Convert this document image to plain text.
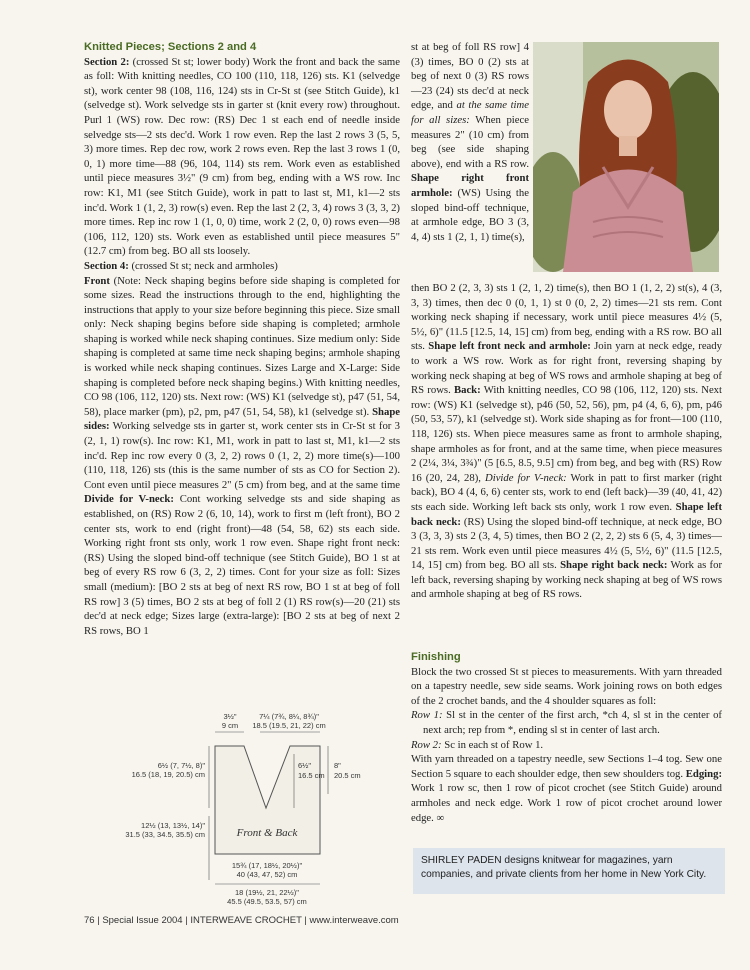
Knitted Pieces; Sections 2 and 4

Section 2: (crossed St st; lower body) Work the front and back the same as foll: With knitting needles, CO 100 (110, 118, 126) sts. K1 (selvedge st), work center 98 (108, 116, 124) sts in Cr-St st (see Stitch Guide), k1 (selvedge st). Work selvedge sts in garter st (knit every row) throughout. Purl 1 (WS) row. Dec row: (RS) Dec 1 st each end of needle inside selvedge sts—2 sts dec'd. Work 1 row even. Rep the last 2 rows 3 (5, 5, 3) more times. Rep dec row, work 2 rows even. Rep the last 3 rows 1 (0, 0, 1) more time—88 (96, 104, 114) sts rem. Work even as established until piece measures 3½" (9 cm) from beg, ending with a WS row. Inc row: K1, M1 (see Stitch Guide), work in patt to last st, M1, k1—2 sts inc'd. Work 1 (1, 2, 3) row(s) even. Rep the last 2 (2, 3, 4) rows 3 (3, 3, 2) more times. Rep inc row 1 (1, 0, 0) time, work 2 (2, 0, 0) rows even—98 (106, 112, 120) sts. Work even as established until piece measures 5" (12.7 cm) from beg. BO all sts loosely.

Section 4: (crossed St st; neck and armholes)

Front (Note: Neck shaping begins before side shaping is completed for some sizes. Read the instructions through to the end, highlighting the instructions that apply to your size before beginning this piece. Size small only: Neck shaping begins before side shaping is completed; armhole shaping is worked while neck shaping continues. Size medium only: Side shaping is completed at same time neck shaping begins; armhole shaping is worked while neck shaping continues. Sizes Large and X-Large: Side shaping is completed before neck shaping begins.) With knitting needles, CO 98 (106, 112, 120) sts. Next row: (WS) K1 (selvedge st), p47 (51, 54, 58), place marker (pm), p2, pm, p47 (51, 54, 58), k1 (selvedge st). Shape sides: Working selvedge sts in garter st, work center sts in Cr-St st for 3 (2, 1, 1) row(s). Inc row: K1, M1, work in patt to last st, M1, k1—2 sts inc'd. Rep inc row every 0 (3, 2, 2) rows 0 (1, 2, 2) more time(s)—100 (110, 118, 126) sts (this is the same number of sts as CO for Section 2). Cont even until piece measures 2" (5 cm) from beg, and at the same time Divide for V-neck: Cont working selvedge sts and side shaping as established, on (RS) Row 2 (6, 10, 14), work to first m (left front), BO 2 center sts, work to end (right front)—48 (54, 58, 62) sts each side. Working right front sts only, work 1 row even. Shape right front neck: (RS) Using the sloped bind-off technique (see Stitch Guide), BO 1 st at beg of every RS row 6 (3, 2, 2) times. Cont for your size as foll: Sizes small (medium): [BO 2 sts at beg of next RS row, BO 1 st at beg of foll RS row] 3 (5) times, BO 2 sts at beg of foll 2 (1) RS row(s)—20 (21) sts dec'd at neck edge; Sizes large (extra-large): [BO 2 sts at beg of next 2 RS rows, BO 1

st at beg of foll RS row] 4 (3) times, BO 0 (2) sts at beg of next 0 (3) RS rows—23 (24) sts dec'd at neck edge, and at the same time for all sizes: When piece measures 2" (10 cm) from beg (see side shaping above), end with a RS row. Shape right front armhole: (WS) Using the sloped bind-off technique, at armhole edge, BO 3 (3, 4, 4) sts 1 (2, 1, 1) time(s),

then BO 2 (2, 3, 3) sts 1 (2, 1, 2) time(s), then BO 1 (1, 2, 2) st(s), 4 (3, 3, 3) times, then dec 0 (0, 1, 1) st 0 (0, 2, 2) times—21 sts rem. Cont working neck shaping if necessary, work until piece measures 4½ (5, 5½, 6)" (11.5 [12.5, 14, 15] cm) from beg, ending with a RS row. BO all sts. Shape left front neck and armhole: Join yarn at neck edge, ready to work a WS row. Work as for right front, reversing shaping by working neck shaping at beg of WS rows and armhole shaping at beg of RS rows. Back: With knitting needles, CO 98 (106, 112, 120) sts. Next row: (WS) K1 (selvedge st), p46 (50, 52, 56), pm, p4 (4, 6, 6), pm, p46 (50, 53, 57), k1 (selvedge st). Work side shaping as for front—100 (110, 118, 126) sts. When piece measures same as front to armhole shaping, shape armholes as for front, and at the same time, when piece measures 2 (2¼, 3¼, 3¾)" (5 [6.5, 8.5, 9.5] cm) from beg, and beg with (RS) Row 16 (20, 24, 28), Divide for V-neck: Work in patt to first marker (right back), BO 4 (4, 6, 6) center sts, work to end (left back)—39 (40, 41, 42) sts each side. Working left back sts only, work 1 row even. Shape left back neck: (RS) Using the sloped bind-off technique, at neck edge, BO 3 (3, 3, 3) sts 2 (3, 4, 5) times, then BO 2 (2, 2, 2) sts 6 (5, 4, 3) times—21 sts rem. Work even until piece measures 4½ (5, 5½, 6)" (11.5 [12.5, 14, 15] cm) from beg. BO all sts. Shape right back neck: Work as for left back, reversing shaping by working neck shaping at beg of WS rows and armhole shaping at beg of RS rows.

Finishing

Block the two crossed St st pieces to measurements. With yarn threaded on a tapestry needle, sew side seams. Work joining rows on both edges of the 2 crochet bands, and the 4 shoulder squares as foll:

Row 1: Sl st in the center of the first arch, *ch 4, sl st in the center of next arch; rep from *, ending sl st in center of last arch.

Row 2: Sc in each st of Row 1.

With yarn threaded on a tapestry needle, sew Sections 1–4 tog. Sew one Section 5 square to each shoulder edge, then sew shoulders tog. Edging: Work 1 row sc, then 1 row of picot crochet (see Stitch Guide) around armholes and neck edge. Work 1 row of picot crochet around lower edge. ∞

SHIRLEY PADEN designs knitwear for magazines, yarn companies, and private clients from her home in New York City.
3½"
9 cm
7¼ (7¾, 8¼, 8¾)"
18.5 (19.5, 21, 22) cm
6½ (7, 7½, 8)"
16.5 (18, 19, 20.5) cm
6½"
16.5 cm
8"
20.5 cm
Front & Back
12½ (13, 13½, 14)"
31.5 (33, 34.5, 35.5) cm
15¾ (17, 18½, 20½)"
40 (43, 47, 52) cm
18 (19½, 21, 22½)"
45.5 (49.5, 53.5, 57) cm
76 | Special Issue 2004 | INTERWEAVE CROCHET | www.interweave.com
